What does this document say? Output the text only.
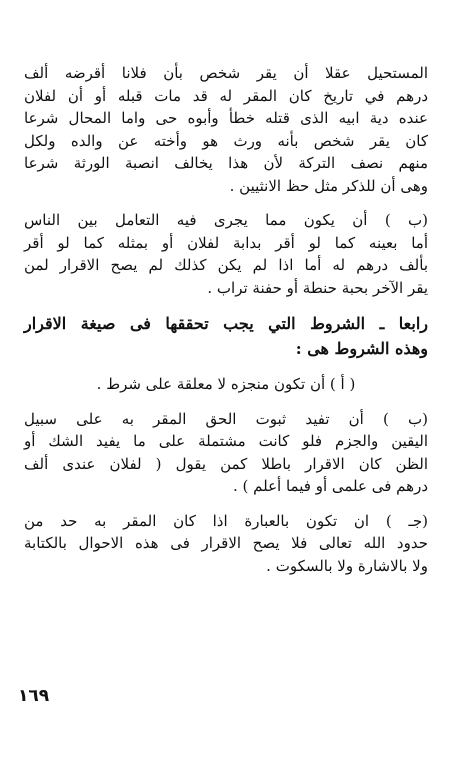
المستحيل عقلا أن يقر شخص بأن فلانا أقرضه ألف
درهم في تاريخ كان المقر له قد مات قبله أو أن لفلان
عنده دية ابيه الذى قتله خطأ وأبوه حى واما المحال شرعا
كان يقر شخص بأنه ورث هو وأخته عن والده ولكل
منهم نصف التركة لأن هذا يخالف انصبة الورثة شرعا
وهى أن للذكر مثل حظ الانثيين .
(ب ) أن يكون مما يجرى فيه التعامل بين الناس
أما بعينه كما لو أقر بدابة لفلان أو بمثله كما لو أقر
بألف درهم له أما اذا لم يكن كذلك لم يصح الاقرار لمن
يقر الآخر بحبة حنطة أو حفنة تراب .
رابعا ـ الشروط التي يجب تحققها فى صيغة الاقرار
وهذه الشروط هى :
( أ ) أن تكون منجزه لا معلقة على شرط .
(ب ) أن تفيد ثبوت الحق المقر به على سبيل
اليقين والجزم فلو كانت مشتملة على ما يفيد الشك أو
الظن كان الاقرار باطلا كمن يقول ( لفلان عندى ألف
درهم فى علمى أو فيما أعلم ) .
(جـ ) ان تكون بالعبارة اذا كان المقر به حد من
حدود الله تعالى فلا يصح الاقرار فى هذه الاحوال بالكتابة
ولا بالاشارة ولا بالسكوت .
١٦٩
